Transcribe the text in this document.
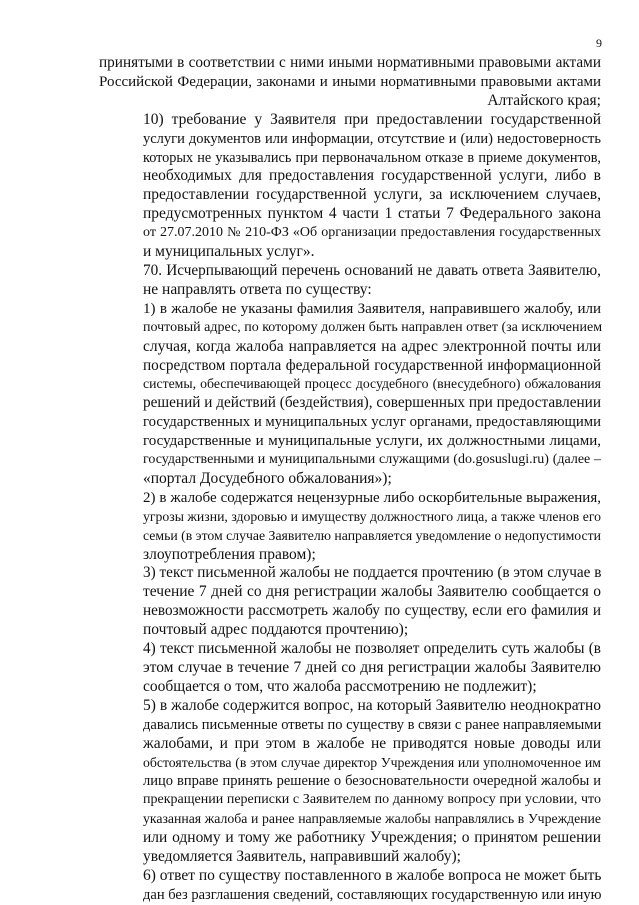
9

принятыми в соответствии с ними иными нормативными правовыми актами
Российской Федерации, законами и иными нормативными правовыми актами
Алтайского края;

10) требование у Заявителя при предоставлении государственной
услуги документов или информации, отсутствие и (или) недостоверность
которых не указывались при первоначальном отказе в приеме документов,
необходимых для предоставления государственной услуги, либо в
предоставлении государственной услуги, за исключением случаев,
предусмотренных пунктом 4 части 1 статьи 7 Федерального закона
от 27.07.2010 № 210-ФЗ «Об организации предоставления государственных
и муниципальных услуг».

70. Исчерпывающий перечень оснований не давать ответа Заявителю,
не направлять ответа по существу:

1) в жалобе не указаны фамилия Заявителя, направившего жалобу, или
почтовый адрес, по которому должен быть направлен ответ (за исключением
случая, когда жалоба направляется на адрес электронной почты или
посредством портала федеральной государственной информационной
системы, обеспечивающей процесс досудебного (внесудебного) обжалования
решений и действий (бездействия), совершенных при предоставлении
государственных и муниципальных услуг органами, предоставляющими
государственные и муниципальные услуги, их должностными лицами,
государственными и муниципальными служащими (do.gosuslugi.ru) (далее –
«портал Досудебного обжалования»);

2) в жалобе содержатся нецензурные либо оскорбительные выражения,
угрозы жизни, здоровью и имуществу должностного лица, а также членов его
семьи (в этом случае Заявителю направляется уведомление о недопустимости
злоупотребления правом);

3) текст письменной жалобы не поддается прочтению (в этом случае в
течение 7 дней со дня регистрации жалобы Заявителю сообщается о
невозможности рассмотреть жалобу по существу, если его фамилия и
почтовый адрес поддаются прочтению);

4) текст письменной жалобы не позволяет определить суть жалобы (в
этом случае в течение 7 дней со дня регистрации жалобы Заявителю
сообщается о том, что жалоба рассмотрению не подлежит);

5) в жалобе содержится вопрос, на который Заявителю неоднократно
давались письменные ответы по существу в связи с ранее направляемыми
жалобами, и при этом в жалобе не приводятся новые доводы или
обстоятельства (в этом случае директор Учреждения или уполномоченное им
лицо вправе принять решение о безосновательности очередной жалобы и
прекращении переписки с Заявителем по данному вопросу при условии, что
указанная жалоба и ранее направляемые жалобы направлялись в Учреждение
или одному и тому же работнику Учреждения; о принятом решении
уведомляется Заявитель, направивший жалобу);

6) ответ по существу поставленного в жалобе вопроса не может быть
дан без разглашения сведений, составляющих государственную или иную
